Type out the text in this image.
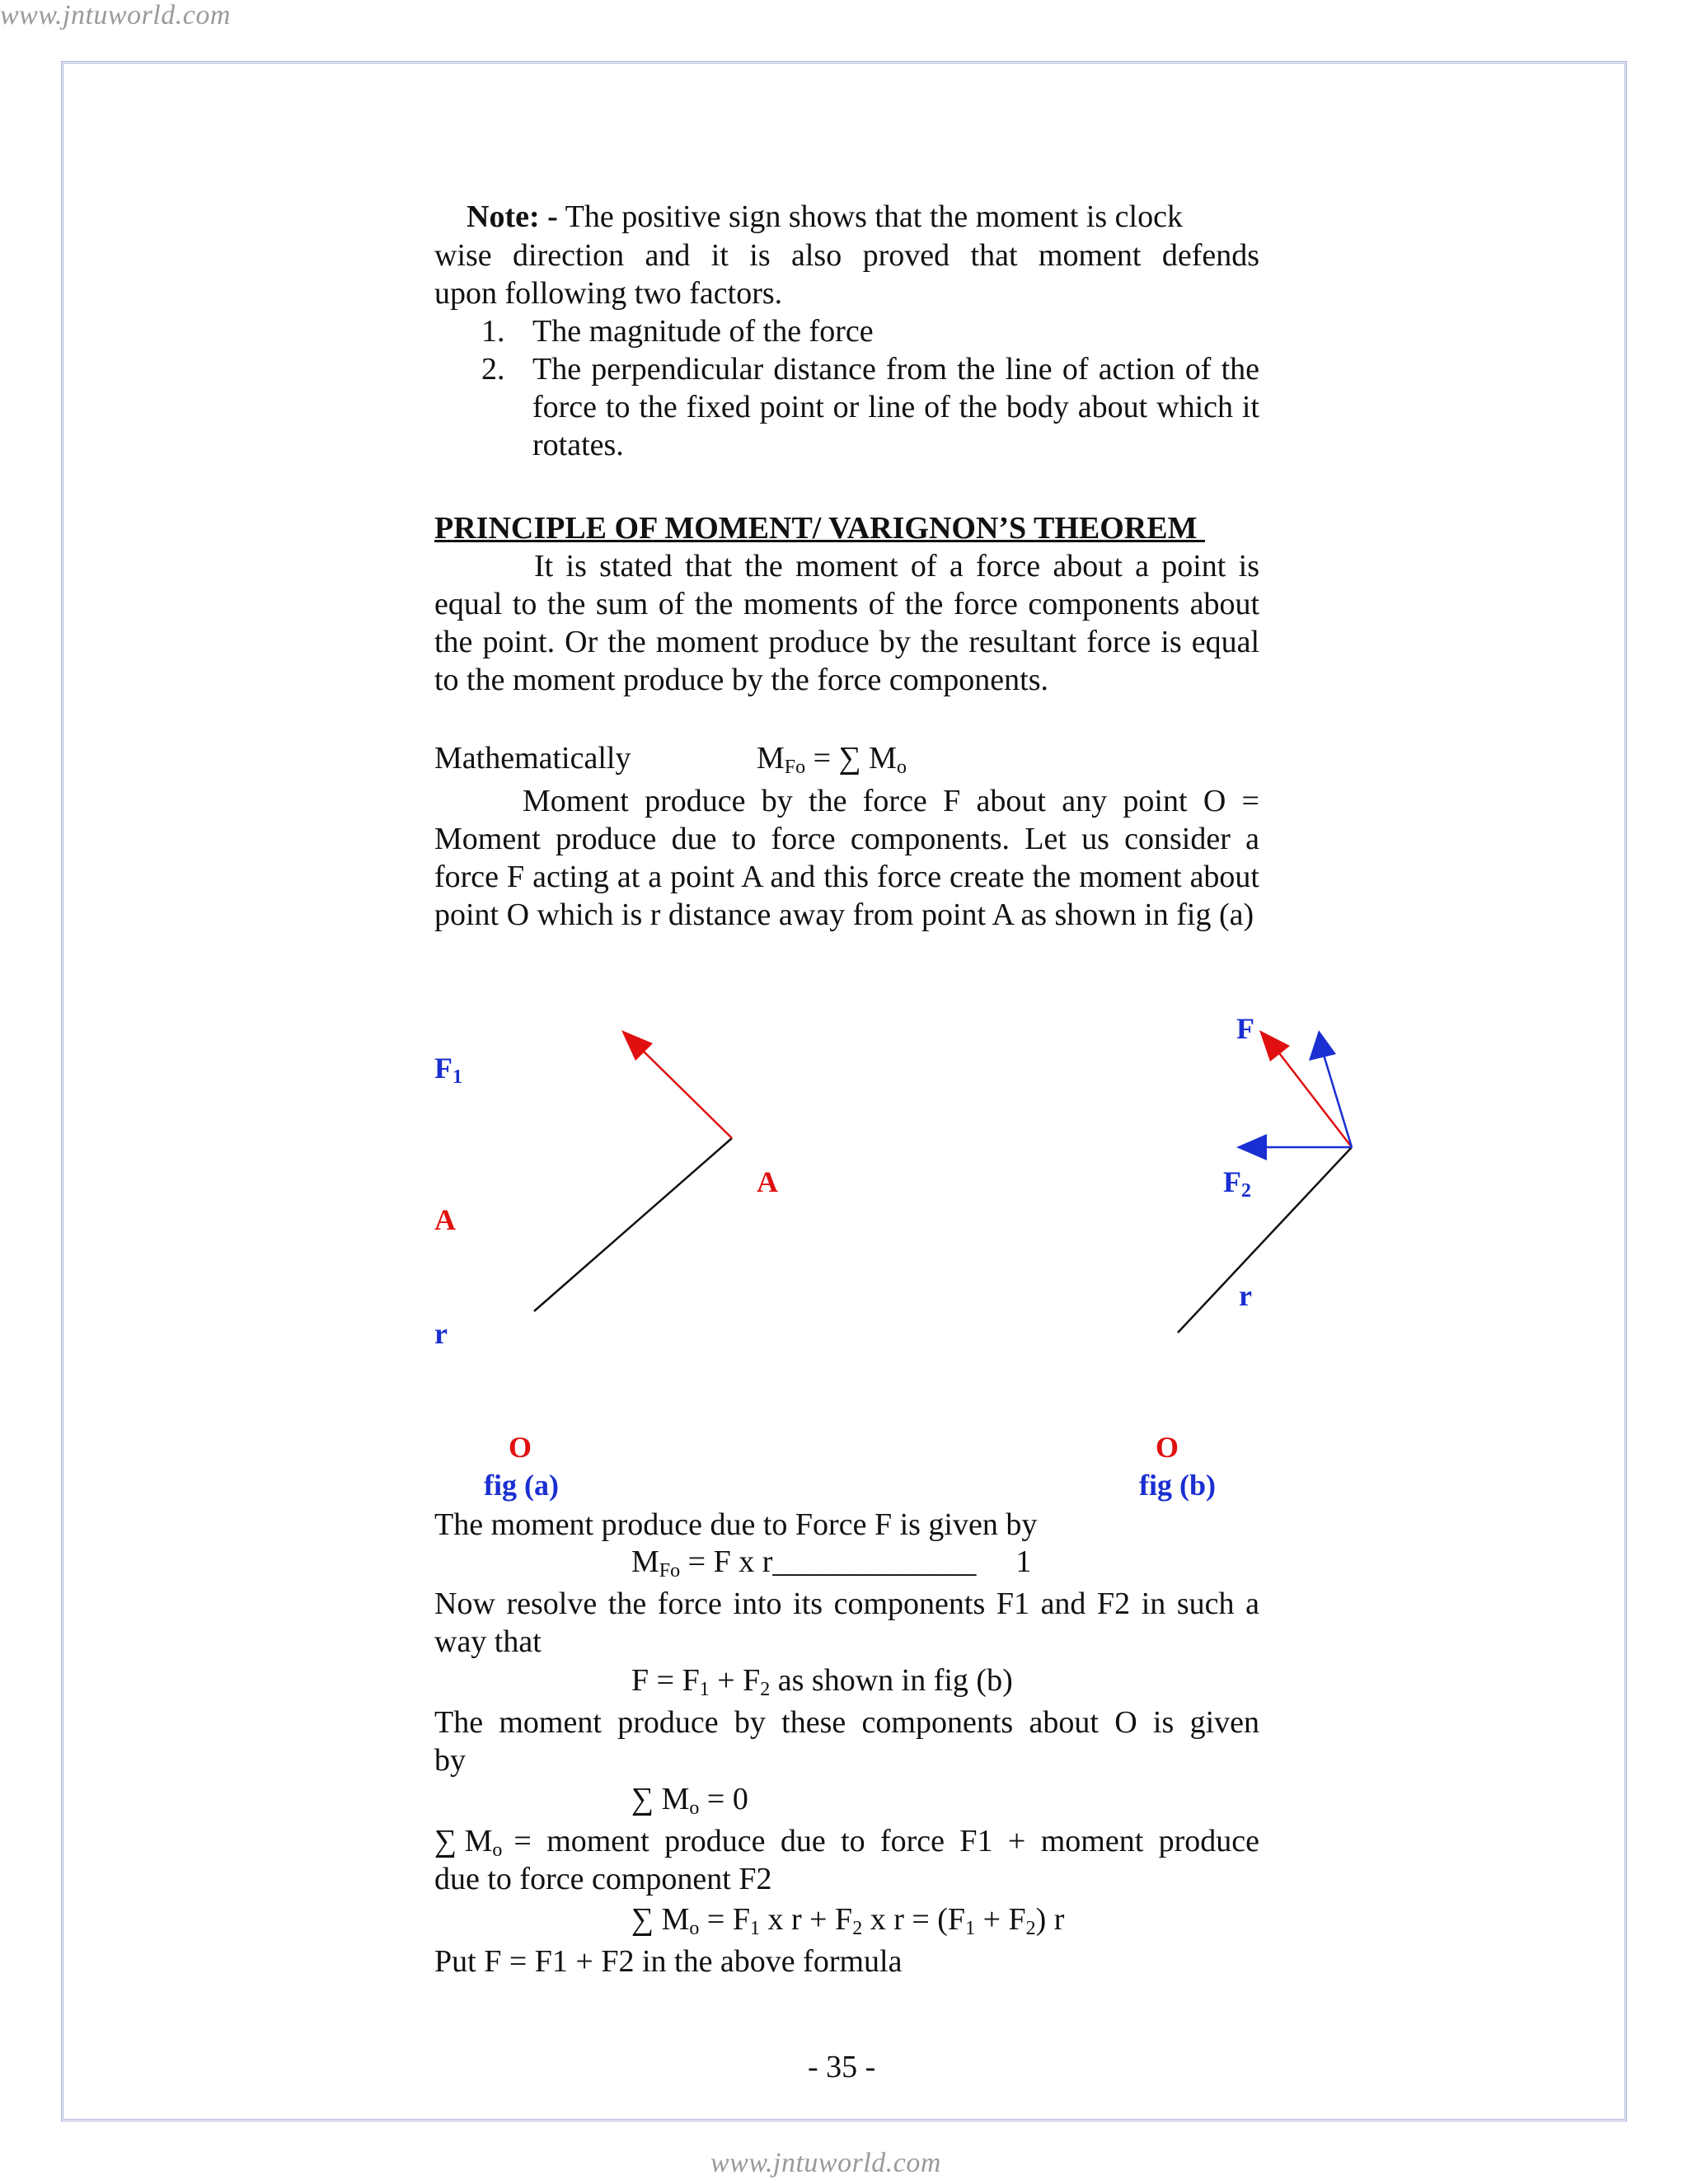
www.jntuworld.com
Note: - The positive sign shows that the moment is clock

wise direction and it is also proved that moment defends

upon following two factors.
1. The magnitude of the force
2. The perpendicular distance from the line of action of the force to the fixed point or line of the body about which it rotates.
PRINCIPLE OF MOMENT/ VARIGNON’S THEOREM

It is stated that the moment of a force about a point is equal to the sum of the moments of the force components about the point. Or the moment produce by the resultant force is equal to the moment produce by the force components.

Mathematically	$M_{Fo}$ = ∑ $M_o$

Moment produce by the force F about any point O = Moment produce due to force components. Let us consider a force F acting at a point A and this force create the moment about point O which is r distance away from point A as shown in fig (a)

$F_1$
A
A
r
O
fig (a)
F
$F_2$
r
O
fig (b)
The moment produce due to Force F is given by
$M_{Fo} = F$ x r_____________ 1

Now resolve the force into its components F1 and F2 in such a

way that
$F = F_1 + F_2$ as shown in fig (b)

The moment produce by these components about O is given

by
∑ $M_o = 0$
∑ $M_o$ = moment produce due to force F1 + moment produce
due to force component F2
∑ $M_o = F_1$ x $r + F_2$ x $r = (F_1 + F_2)$ r
Put F = F1 + F2 in the above formula
- 35 -
www.jntuworld.com
